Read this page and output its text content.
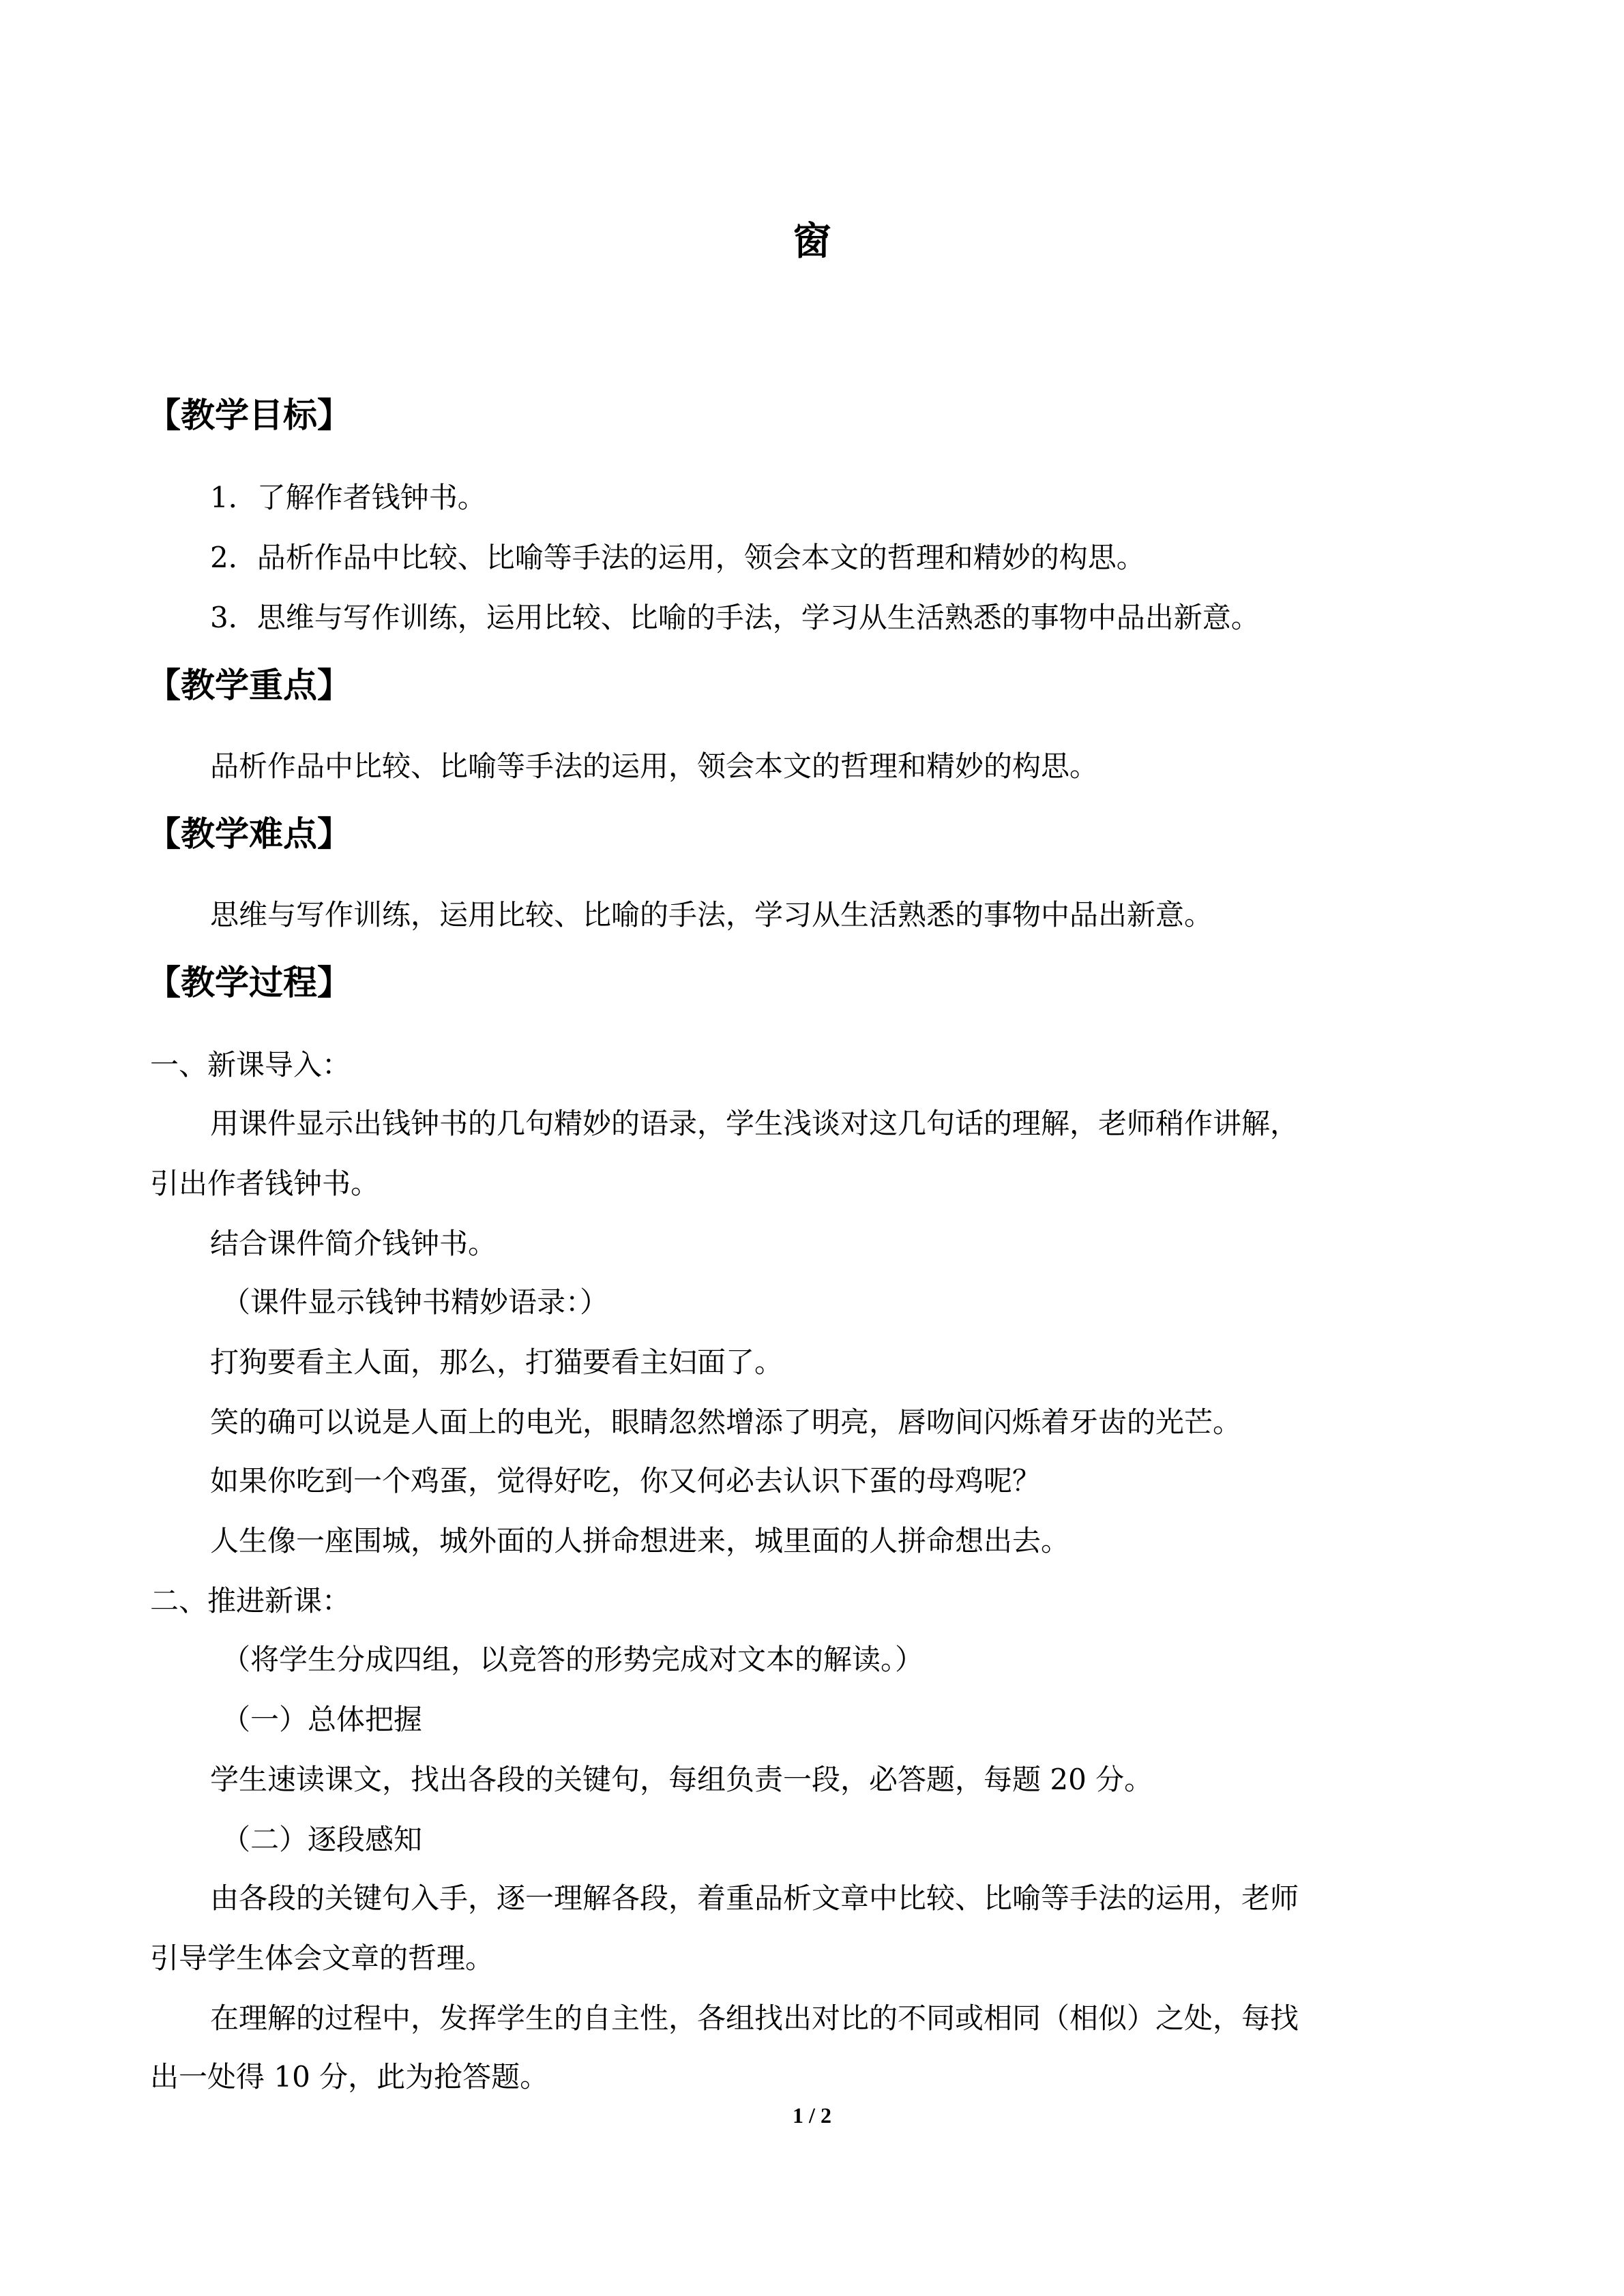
窗
【教学目标】
1．了解作者钱钟书。
2．品析作品中比较、比喻等手法的运用，领会本文的哲理和精妙的构思。
3．思维与写作训练，运用比较、比喻的手法，学习从生活熟悉的事物中品出新意。
【教学重点】
品析作品中比较、比喻等手法的运用，领会本文的哲理和精妙的构思。
【教学难点】
思维与写作训练，运用比较、比喻的手法，学习从生活熟悉的事物中品出新意。
【教学过程】
一、新课导入：
用课件显示出钱钟书的几句精妙的语录，学生浅谈对这几句话的理解，老师稍作讲解，
引出作者钱钟书。
结合课件简介钱钟书。
（课件显示钱钟书精妙语录：）
打狗要看主人面，那么，打猫要看主妇面了。
笑的确可以说是人面上的电光，眼睛忽然增添了明亮，唇吻间闪烁着牙齿的光芒。
如果你吃到一个鸡蛋，觉得好吃，你又何必去认识下蛋的母鸡呢？
人生像一座围城，城外面的人拼命想进来，城里面的人拼命想出去。
二、推进新课：
（将学生分成四组，以竞答的形势完成对文本的解读。）
（一）总体把握
学生速读课文，找出各段的关键句，每组负责一段，必答题，每题 20 分。
（二）逐段感知
由各段的关键句入手，逐一理解各段，着重品析文章中比较、比喻等手法的运用，老师
引导学生体会文章的哲理。
在理解的过程中，发挥学生的自主性，各组找出对比的不同或相同（相似）之处，每找
出一处得 10 分，此为抢答题。
1 / 2
